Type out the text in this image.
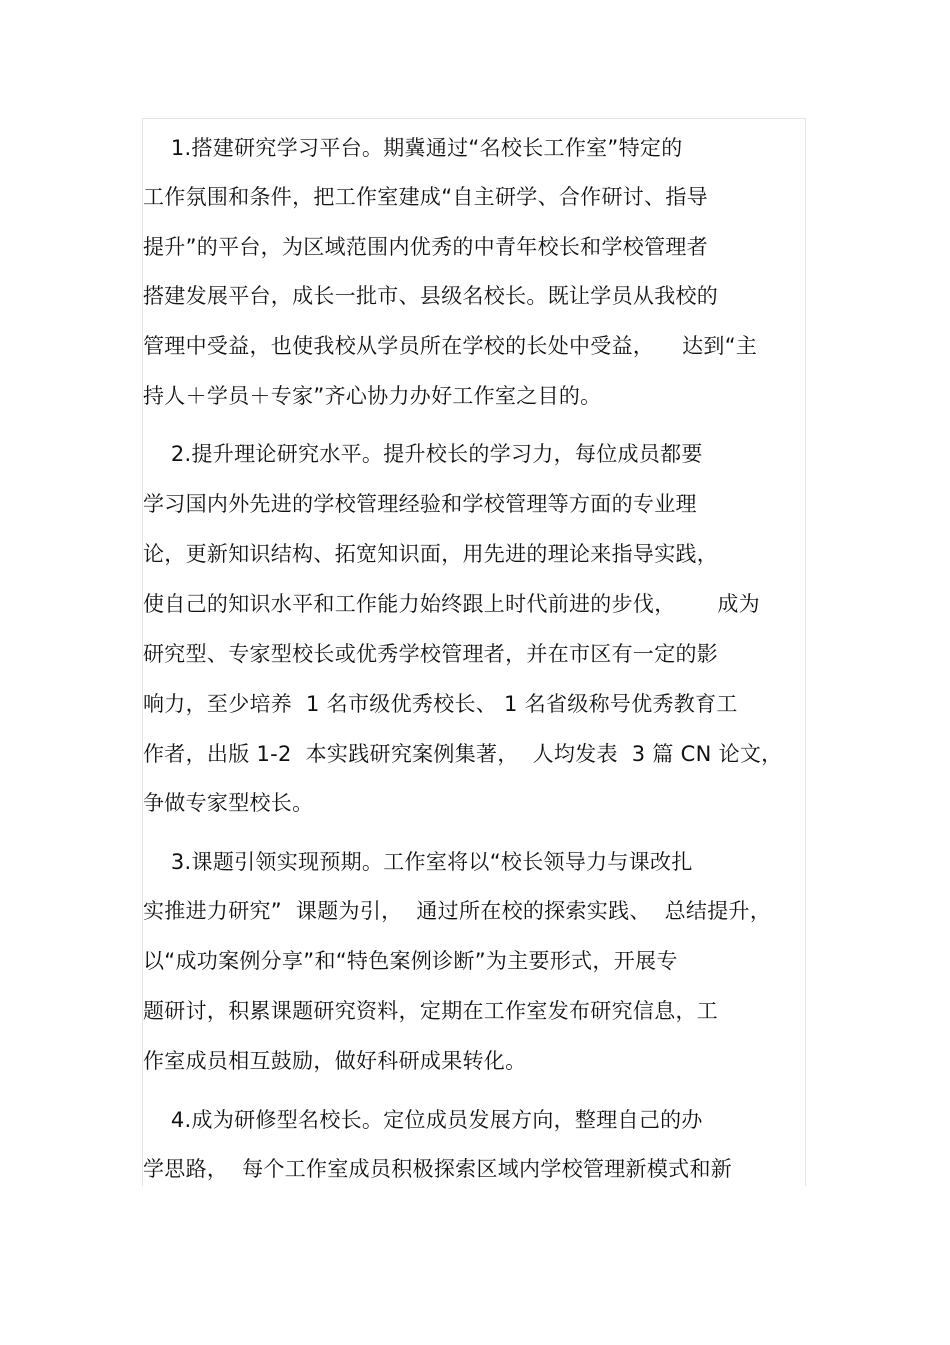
1.搭建研究学习平台。期冀通过“名校长工作室”特定的

工作氛围和条件，把工作室建成“自主研学、合作研讨、指导

提升”的平台，为区域范围内优秀的中青年校长和学校管理者

搭建发展平台，成长一批市、县级名校长。既让学员从我校的

管理中受益，也使我校从学员所在学校的长处中受益，    达到“主

持人＋学员＋专家”齐心协力办好工作室之目的。

2.提升理论研究水平。提升校长的学习力，每位成员都要

学习国内外先进的学校管理经验和学校管理等方面的专业理

论，更新知识结构、拓宽知识面，用先进的理论来指导实践，

使自己的知识水平和工作能力始终跟上时代前进的步伐，      成为

研究型、专家型校长或优秀学校管理者，并在市区有一定的影

响力，至少培养  1 名市级优秀校长、 1 名省级称号优秀教育工

作者，出版 1-2  本实践研究案例集著，  人均发表  3 篇 CN 论文，

争做专家型校长。

3.课题引领实现预期。工作室将以“校长领导力与课改扎

实推进力研究”  课题为引，  通过所在校的探索实践、  总结提升，

以“成功案例分享”和“特色案例诊断”为主要形式，开展专

题研讨，积累课题研究资料，定期在工作室发布研究信息，工

作室成员相互鼓励，做好科研成果转化。

4.成为研修型名校长。定位成员发展方向，整理自己的办

学思路，  每个工作室成员积极探索区域内学校管理新模式和新
